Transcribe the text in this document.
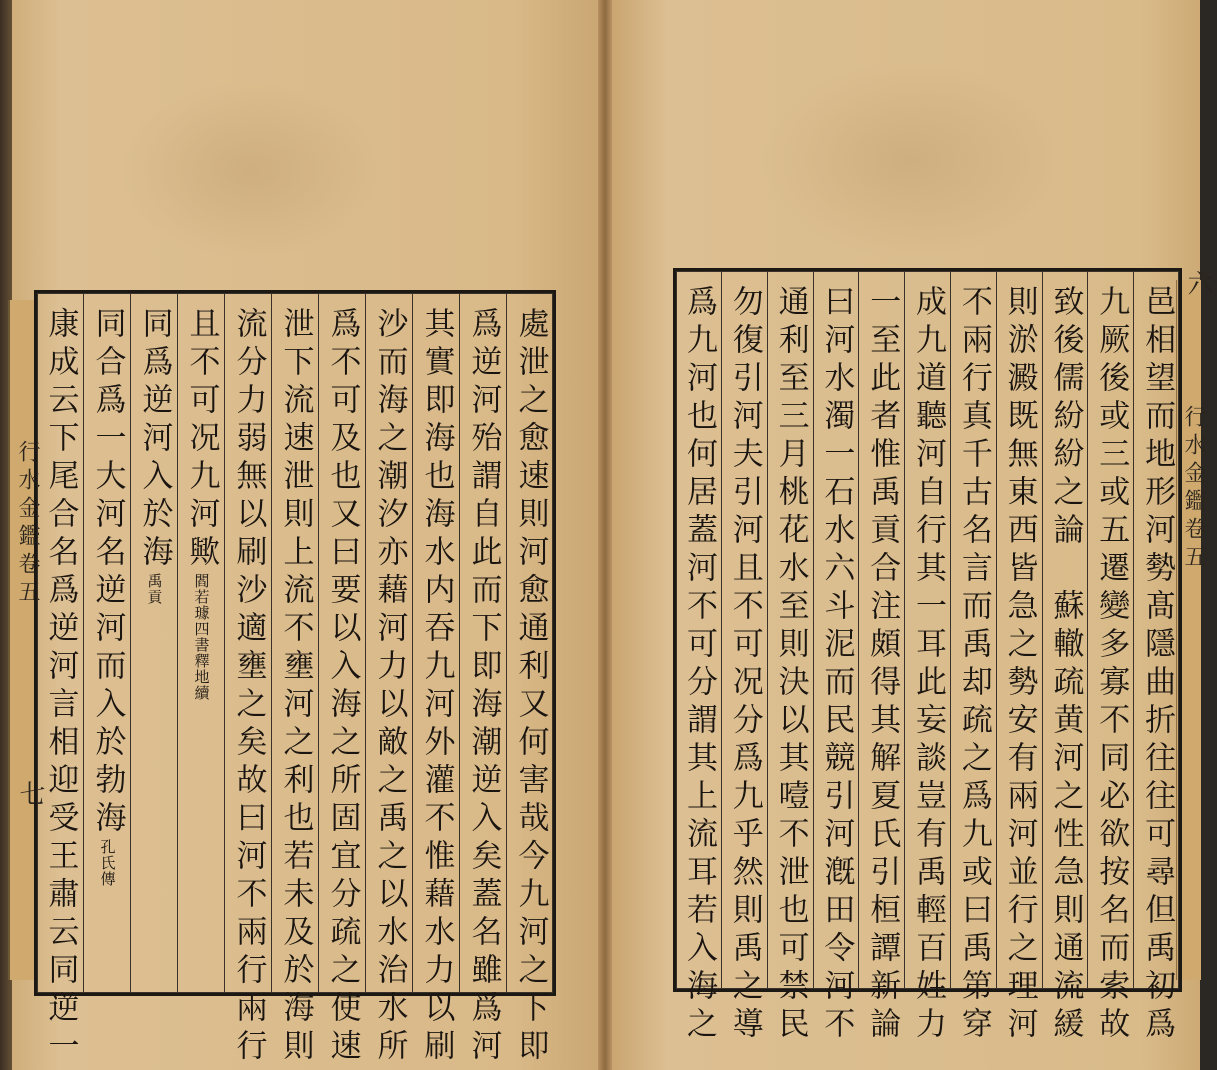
行水金鑑卷五	行水金鑑卷五
七
六
處泄之愈速則河愈通利又何害哉今九河之下即
爲逆河殆謂自此而下即海潮逆入矣蓋名雖爲河
其實即海也海水内吞九河外灌不惟藉水力以刷
沙而海之潮汐亦藉河力以敵之禹之以水治水所
爲不可及也又曰要以入海之所固宜分疏之使速
泄下流速泄則上流不壅河之利也若未及於海則
流分力弱無以刷沙適壅之矣故曰河不兩行兩行
且不可况九河歟閻若璩四書釋地續
同爲逆河入於海禹貢
同合爲一大河名逆河而入於勃海孔氏傳
康成云下尾合名爲逆河言相迎受王肅云同逆一	邑相望而地形河勢髙隱曲折往往可尋但禹初爲
九厥後或三或五遷變多寡不同必欲按名而索故
致後儒紛紛之論　蘇轍疏黄河之性急則通流緩
則淤澱既無東西皆急之勢安有兩河並行之理河
不兩行真千古名言而禹却疏之爲九或曰禹第穿
成九道聽河自行其一耳此妄談豈有禹輕百姓力
一至此者惟禹貢合注頗得其解夏氏引桓譚新論
曰河水濁一石水六斗泥而民競引河漑田令河不
通利至三月桃花水至則決以其噎不泄也可禁民
勿復引河夫引河且不可况分爲九乎然則禹之導
爲九河也何居蓋河不可分謂其上流耳若入海之
